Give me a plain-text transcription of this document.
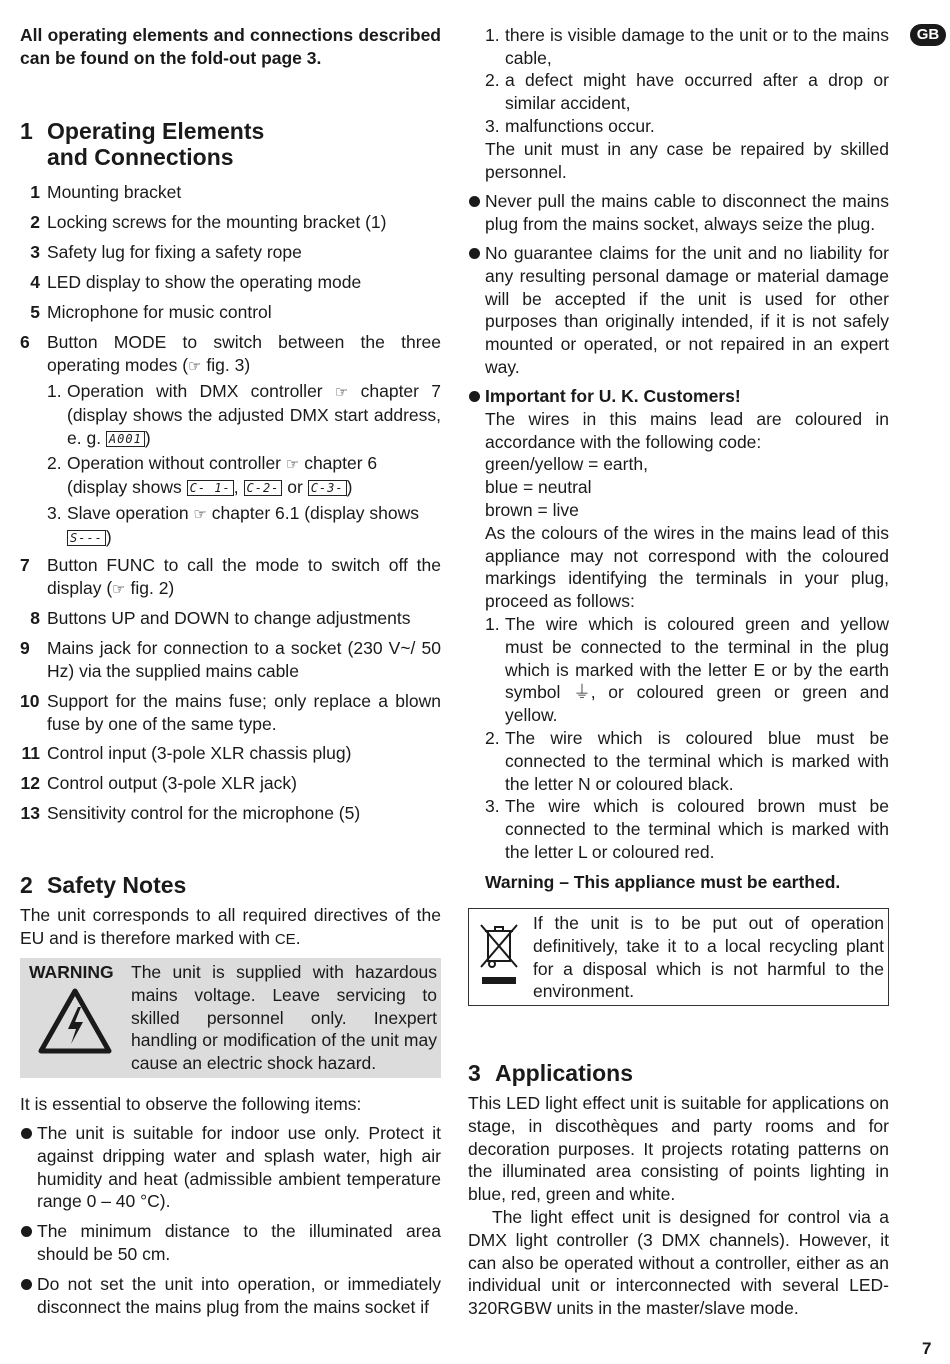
All operating elements and connections described can be found on the fold-out page 3.
1 Operating Elements
and Connections
1 Mounting bracket
2 Locking screws for the mounting bracket (1)
3 Safety lug for fixing a safety rope
4 LED display to show the operating mode
5 Microphone for music control
6 Button MODE to switch between the three operating modes (☞ fig. 3)
1. Operation with DMX controller ☞ chapter 7 (display shows the adjusted DMX start address, e. g. A001 )
2. Operation without controller ☞ chapter 6 (display shows C- 1- , C-2- or C-3- )
3. Slave operation ☞ chapter 6.1 (display shows S--- )
7 Button FUNC to call the mode to switch off the display (☞ fig. 2)
8 Buttons UP and DOWN to change adjustments
9 Mains jack for connection to a socket (230 V~/ 50 Hz) via the supplied mains cable
10 Support for the mains fuse; only replace a blown fuse by one of the same type.
11 Control input (3-pole XLR chassis plug)
12 Control output (3-pole XLR jack)
13 Sensitivity control for the microphone (5)
2 Safety Notes
The unit corresponds to all required directives of the EU and is therefore marked with CE.
WARNING The unit is supplied with hazardous mains voltage. Leave servicing to skilled personnel only. Inexpert handling or modification of the unit may cause an electric shock hazard.
It is essential to observe the following items:
The unit is suitable for indoor use only. Protect it against dripping water and splash water, high air humidity and heat (admissible ambient temperature range 0 – 40 °C).
The minimum distance to the illuminated area should be 50 cm.
Do not set the unit into operation, or immediately disconnect the mains plug from the mains socket if
1. there is visible damage to the unit or to the mains cable,
2. a defect might have occurred after a drop or similar accident,
3. malfunctions occur.
The unit must in any case be repaired by skilled personnel.
Never pull the mains cable to disconnect the mains plug from the mains socket, always seize the plug.
No guarantee claims for the unit and no liability for any resulting personal damage or material damage will be accepted if the unit is used for other purposes than originally intended, if it is not safely mounted or operated, or not repaired in an expert way.
Important for U. K. Customers!
The wires in this mains lead are coloured in accordance with the following code:
green/yellow = earth,
blue = neutral
brown = live
As the colours of the wires in the mains lead of this appliance may not correspond with the coloured markings identifying the terminals in your plug, proceed as follows:
1. The wire which is coloured green and yellow must be connected to the terminal in the plug which is marked with the letter E or by the earth symbol ⏚, or coloured green or green and yellow.
2. The wire which is coloured blue must be connected to the terminal which is marked with the letter N or coloured black.
3. The wire which is coloured brown must be connected to the terminal which is marked with the letter L or coloured red.
Warning – This appliance must be earthed.
If the unit is to be put out of operation definitively, take it to a local recycling plant for a disposal which is not harmful to the environment.
3 Applications
This LED light effect unit is suitable for applications on stage, in discothèques and party rooms and for decoration purposes. It projects rotating patterns on the illuminated area consisting of points lighting in blue, red, green and white.
The light effect unit is designed for control via a DMX light controller (3 DMX channels). However, it can also be operated without a controller, either as an individual unit or interconnected with several LED-320RGBW units in the master/slave mode.
GB
7
